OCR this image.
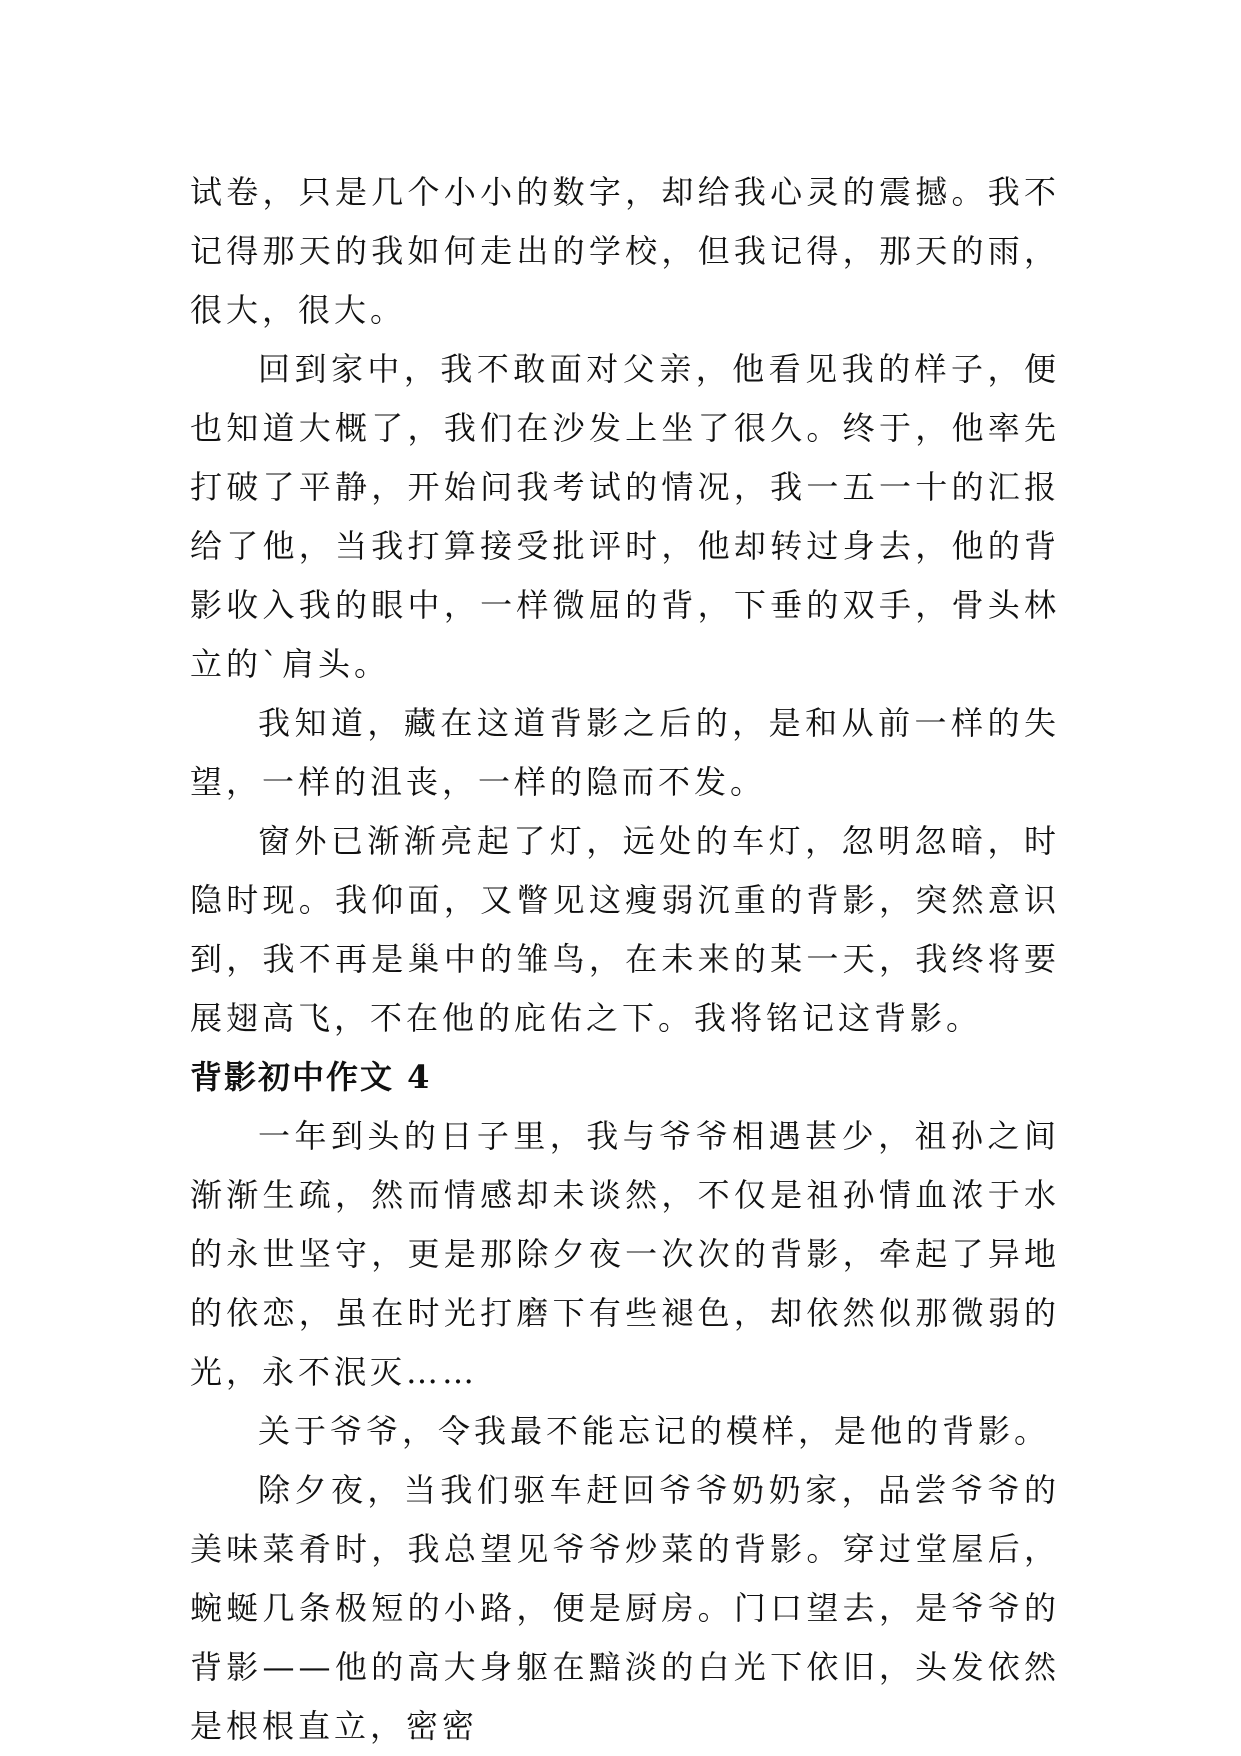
试卷，只是几个小小的数字，却给我心灵的震撼。我不记得那天的我如何走出的学校，但我记得，那天的雨，很大，很大。

回到家中，我不敢面对父亲，他看见我的样子，便也知道大概了，我们在沙发上坐了很久。终于，他率先打破了平静，开始问我考试的情况，我一五一十的汇报给了他，当我打算接受批评时，他却转过身去，他的背影收入我的眼中，一样微屈的背，下垂的双手，骨头林立的`肩头。

我知道，藏在这道背影之后的，是和从前一样的失望，一样的沮丧，一样的隐而不发。

窗外已渐渐亮起了灯，远处的车灯，忽明忽暗，时隐时现。我仰面，又瞥见这瘦弱沉重的背影，突然意识到，我不再是巢中的雏鸟，在未来的某一天，我终将要展翅高飞，不在他的庇佑之下。我将铭记这背影。

背影初中作文 4

一年到头的日子里，我与爷爷相遇甚少，祖孙之间渐渐生疏，然而情感却未谈然，不仅是祖孙情血浓于水的永世坚守，更是那除夕夜一次次的背影，牵起了异地的依恋，虽在时光打磨下有些褪色，却依然似那微弱的光，永不泯灭……

关于爷爷，令我最不能忘记的模样，是他的背影。

除夕夜，当我们驱车赶回爷爷奶奶家，品尝爷爷的美味菜肴时，我总望见爷爷炒菜的背影。穿过堂屋后，蜿蜒几条极短的小路，便是厨房。门口望去，是爷爷的背影——他的高大身躯在黯淡的白光下依旧，头发依然是根根直立，密密
